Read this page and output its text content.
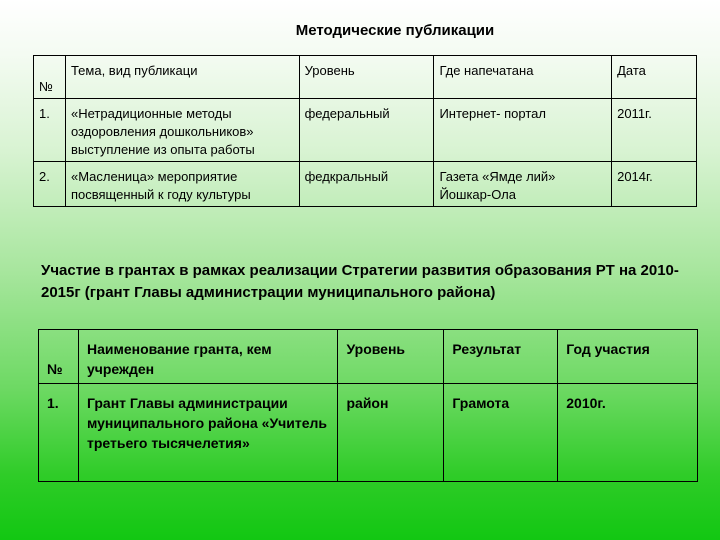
Методические публикации
№	Тема, вид публикаци	Уровень	Где напечатана	Дата
1.	«Нетрадиционные методы оздоровления дошкольников» выступление из опыта работы	федеральный	Интернет- портал	2011г.
2.	«Масленица» мероприятие посвященный к году культуры	федкральный	Газета «Ямде лий» Йошкар-Ола	2014г.
Участие в грантах в рамках реализации Стратегии развития образования РТ на 2010-2015г (грант Главы администрации муниципального района)
№	Наименование гранта, кем учрежден	Уровень	Результат	Год участия
1.	Грант Главы администрации муниципального района «Учитель третьего тысячелетия»	район	Грамота	2010г.
